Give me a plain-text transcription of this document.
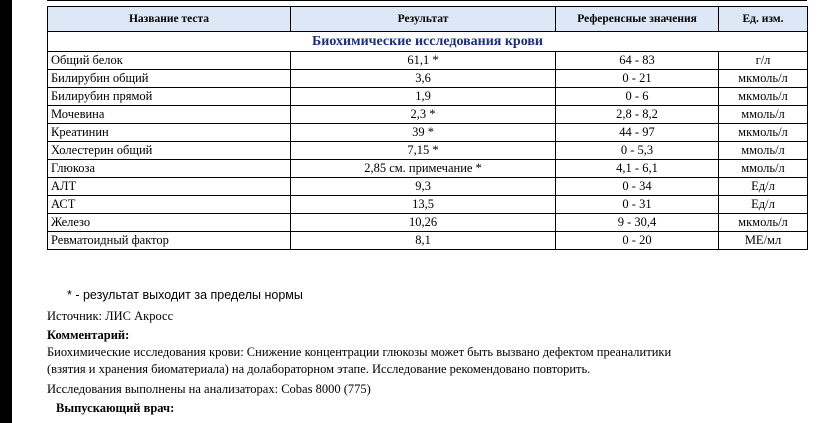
Название теста	Результат	Референсные значения	Ед. изм.
Биохимические исследования крови			
Общий белок	61,1 *	64 - 83	г/л
Билирубин общий	3,6	0 - 21	мкмоль/л
Билирубин прямой	1,9	0 - 6	мкмоль/л
Мочевина	2,3 *	2,8 - 8,2	ммоль/л
Креатинин	39 *	44 - 97	мкмоль/л
Холестерин общий	7,15 *	0 - 5,3	ммоль/л
Глюкоза	2,85 см. примечание *	4,1 - 6,1	ммоль/л
АЛТ	9,3	0 - 34	Ед/л
АСТ	13,5	0 - 31	Ед/л
Железо	10,26	9 - 30,4	мкмоль/л
Ревматоидный фактор	8,1	0 - 20	МЕ/мл
* - результат выходит за пределы нормы
Источник: ЛИС Акросс
Комментарий:
Биохимические исследования крови: Снижение концентрации глюкозы может быть вызвано дефектом преаналитики
(взятия и хранения биоматериала) на долабораторном этапе. Исследование рекомендовано повторить.
Исследования выполнены на анализаторах: Cobas 8000 (775)
Выпускающий врач:
